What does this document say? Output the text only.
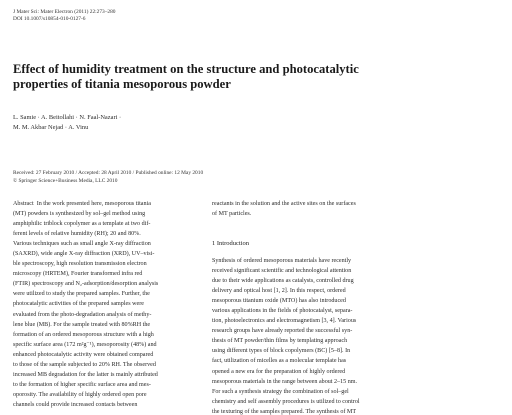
J Mater Sci: Mater Electron (2011) 22:273–280
DOI 10.1007/s10854-010-0127-6
Effect of humidity treatment on the structure and photocatalytic
properties of titania mesoporous powder
L. Samie · A. Beitollahi · N. Faal-Nazari ·
M. M. Akbar Nejad · A. Vinu
Received: 27 February 2010 / Accepted: 28 April 2010 / Published online: 12 May 2010
© Springer Science+Business Media, LLC 2010
Abstract  In the work presented here, mesoporous titania
(MT) powders is synthesized by sol–gel method using
amphiphilic triblock copolymer as a template at two dif-
ferent levels of relative humidity (RH); 20 and 80%.
Various techniques such as small angle X-ray diffraction
(SAXRD), wide angle X-ray diffraction (XRD), UV–visi-
ble spectroscopy, high resolution transmission electron
microscopy (HRTEM), Fourier transformed infra red
(FTIR) spectroscopy and N₂-adsorption/desorption analysis
were utilized to study the prepared samples. Further, the
photocatalytic activities of the prepared samples were
evaluated from the photo-degradation analysis of methy-
lene blue (MB). For the sample treated with 80%RH the
formation of an ordered mesoporous structure with a high
specific surface area (172 m²g⁻¹), mesoporosity (48%) and
enhanced photocatalytic activity were obtained compared
to those of the sample subjected to 20% RH. The observed
increased MB degradation for the latter is mainly attributed
to the formation of higher specific surface area and mes-
oporosity. The availability of highly ordered open pore
channels could provide increased contacts between
reactants in the solution and the active sites on the surfaces
of MT particles.
1 Introduction
Synthesis of ordered mesoporous materials have recently
received significant scientific and technological attention
due to their wide applications as catalysts, controlled drug
delivery and optical host [1, 2]. In this respect, ordered
mesoporous titanium oxide (MTO) has also introduced
various applications in the fields of photocatalyst, separa-
tion, photoelectronics and electromagnetism [3, 4]. Various
research groups have already reported the successful syn-
thesis of MT powder/thin films by templating approach
using different types of block copolymers (BC) [5–8]. In
fact, utilization of micelles as a molecular template has
opened a new era for the preparation of highly ordered
mesoporous materials in the range between about 2–15 nm.
For such a synthesis strategy the combination of sol–gel
chemistry and self assembly procedures is utilized to control
the texturing of the samples prepared. The synthesis of MT
